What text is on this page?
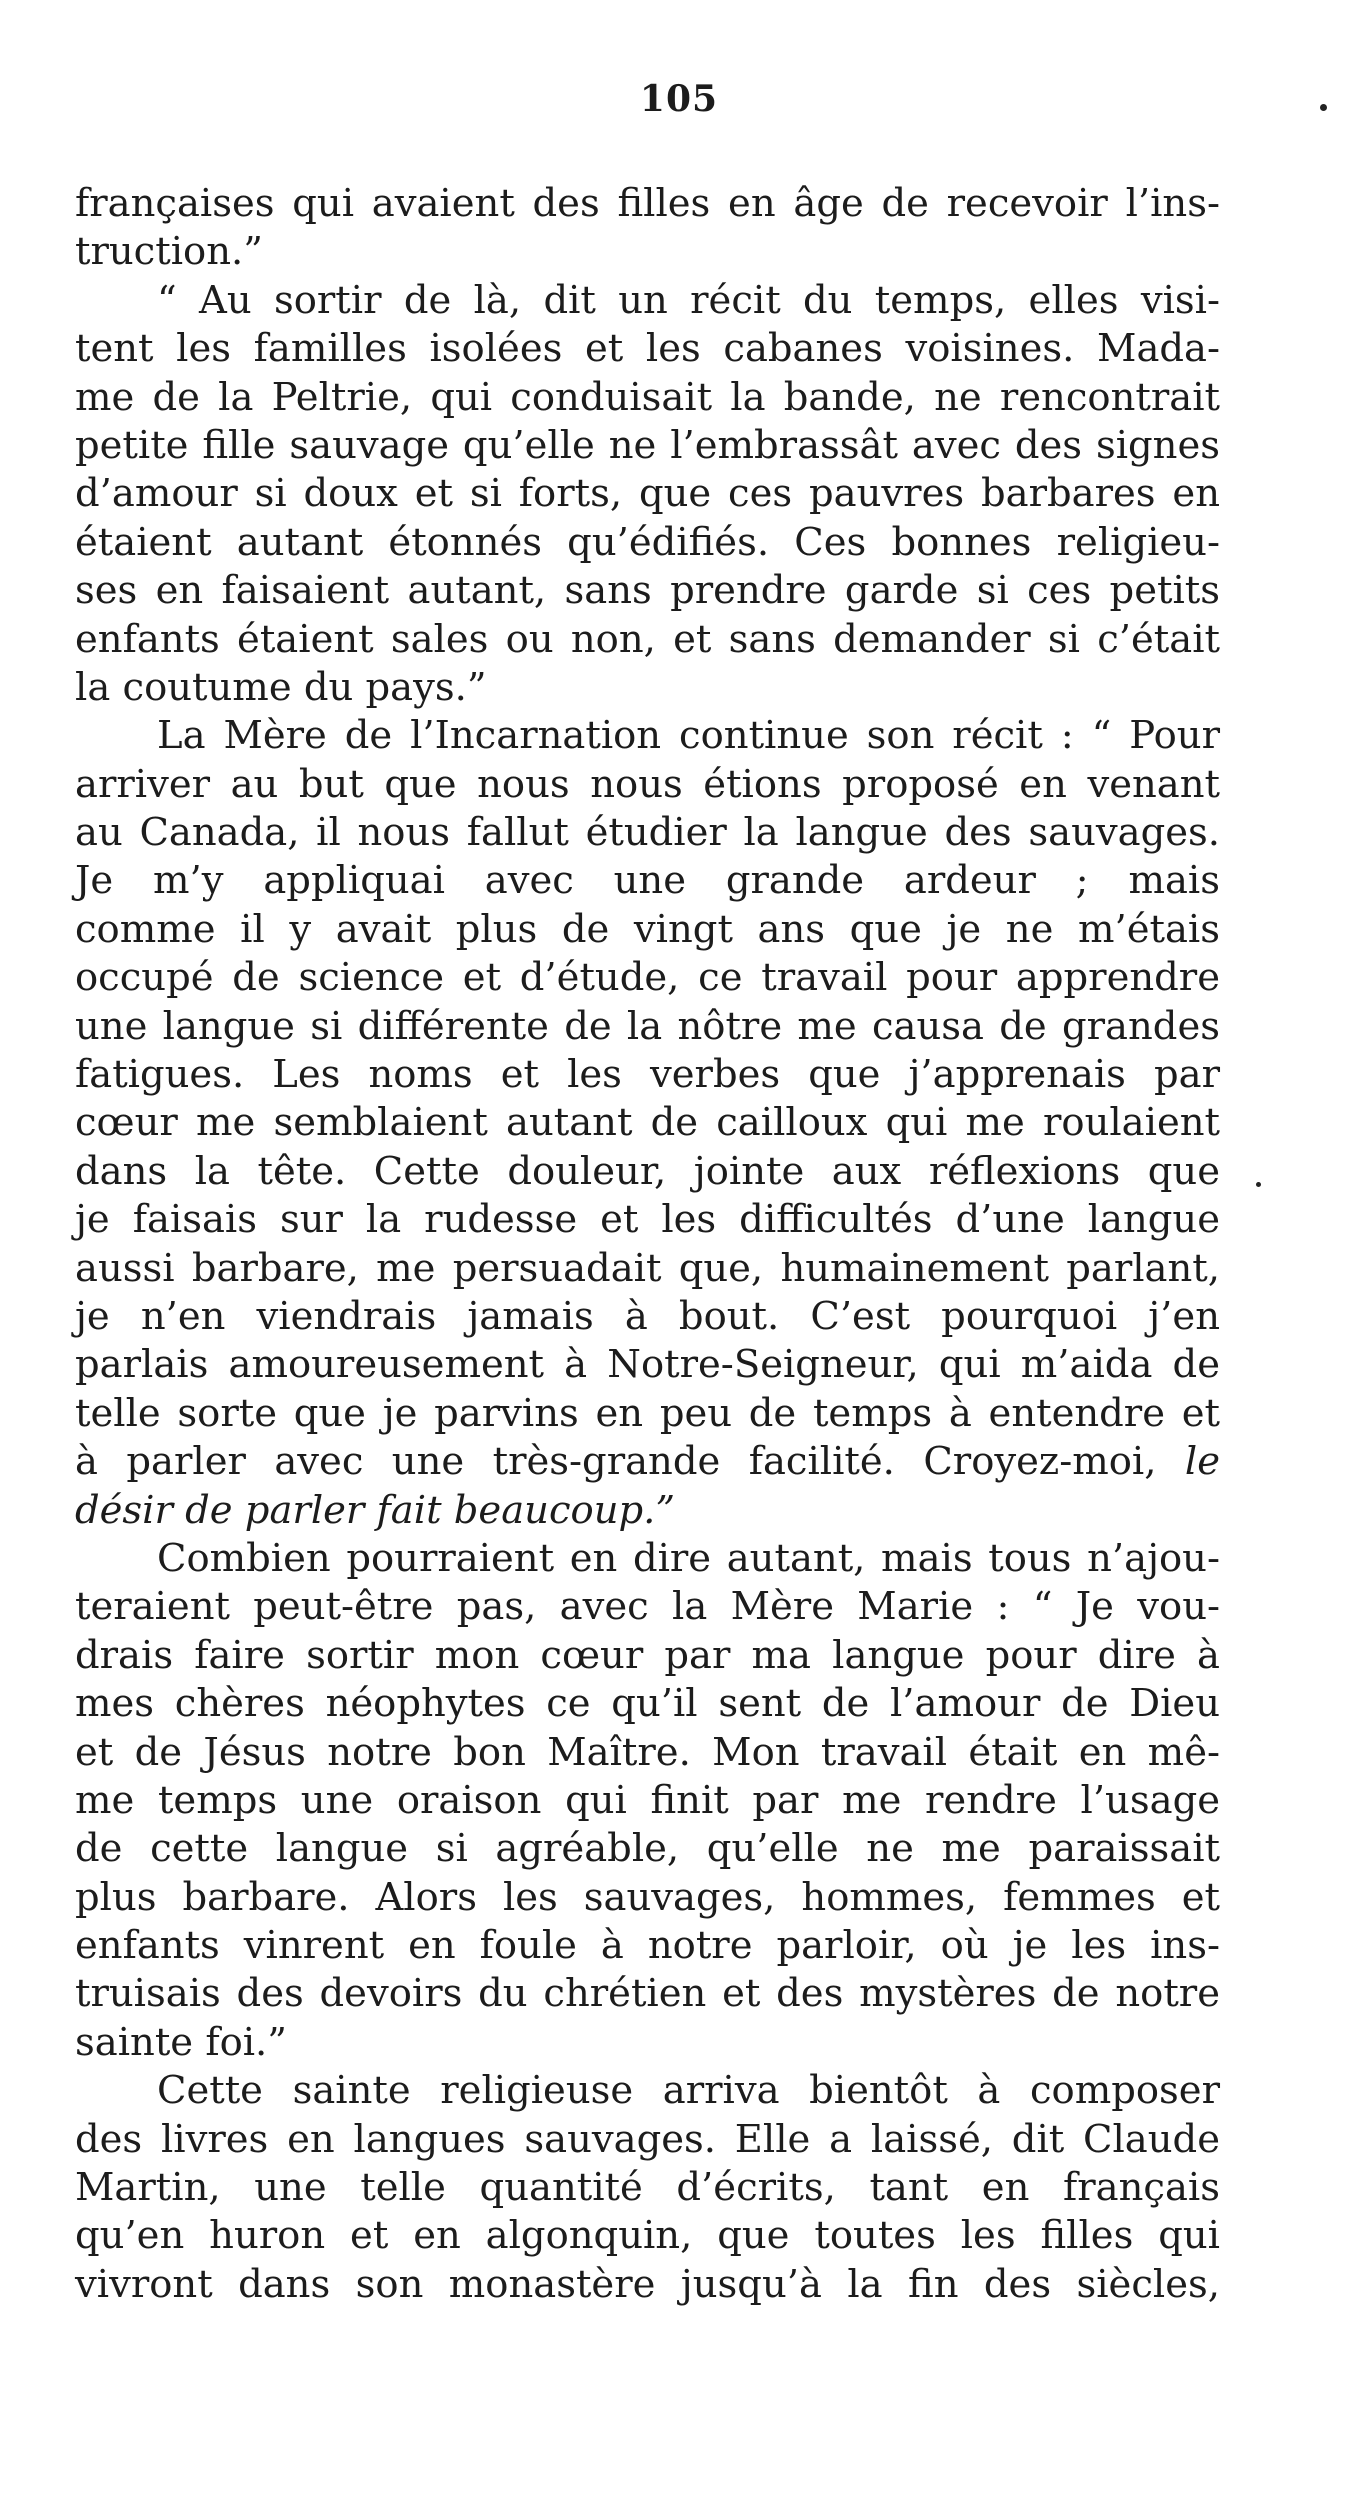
105
françaises qui avaient des filles en âge de recevoir l’ins-
truction.”
“ Au sortir de là, dit un récit du temps, elles visi-
tent les familles isolées et les cabanes voisines. Mada-
me de la Peltrie, qui conduisait la bande, ne rencontrait
petite fille sauvage qu’elle ne l’embrassât avec des signes
d’amour si doux et si forts, que ces pauvres barbares en
étaient autant étonnés qu’édifiés. Ces bonnes religieu-
ses en faisaient autant, sans prendre garde si ces petits
enfants étaient sales ou non, et sans demander si c’était
la coutume du pays.”
La Mère de l’Incarnation continue son récit : “ Pour
arriver au but que nous nous étions proposé en venant
au Canada, il nous fallut étudier la langue des sauvages.
Je m’y appliquai avec une grande ardeur ; mais
comme il y avait plus de vingt ans que je ne m’étais
occupé de science et d’étude, ce travail pour apprendre
une langue si différente de la nôtre me causa de grandes
fatigues. Les noms et les verbes que j’apprenais par
cœur me semblaient autant de cailloux qui me roulaient
dans la tête. Cette douleur, jointe aux réflexions que
je faisais sur la rudesse et les difficultés d’une langue
aussi barbare, me persuadait que, humainement parlant,
je n’en viendrais jamais à bout. C’est pourquoi j’en
parlais amoureusement à Notre-Seigneur, qui m’aida de
telle sorte que je parvins en peu de temps à entendre et
à parler avec une très-grande facilité. Croyez-moi, le
désir de parler fait beaucoup.”
Combien pourraient en dire autant, mais tous n’ajou-
teraient peut-être pas, avec la Mère Marie : “ Je vou-
drais faire sortir mon cœur par ma langue pour dire à
mes chères néophytes ce qu’il sent de l’amour de Dieu
et de Jésus notre bon Maître. Mon travail était en mê-
me temps une oraison qui finit par me rendre l’usage
de cette langue si agréable, qu’elle ne me paraissait
plus barbare. Alors les sauvages, hommes, femmes et
enfants vinrent en foule à notre parloir, où je les ins-
truisais des devoirs du chrétien et des mystères de notre
sainte foi.”
Cette sainte religieuse arriva bientôt à composer
des livres en langues sauvages. Elle a laissé, dit Claude
Martin, une telle quantité d’écrits, tant en français
qu’en huron et en algonquin, que toutes les filles qui
vivront dans son monastère jusqu’à la fin des siècles,
